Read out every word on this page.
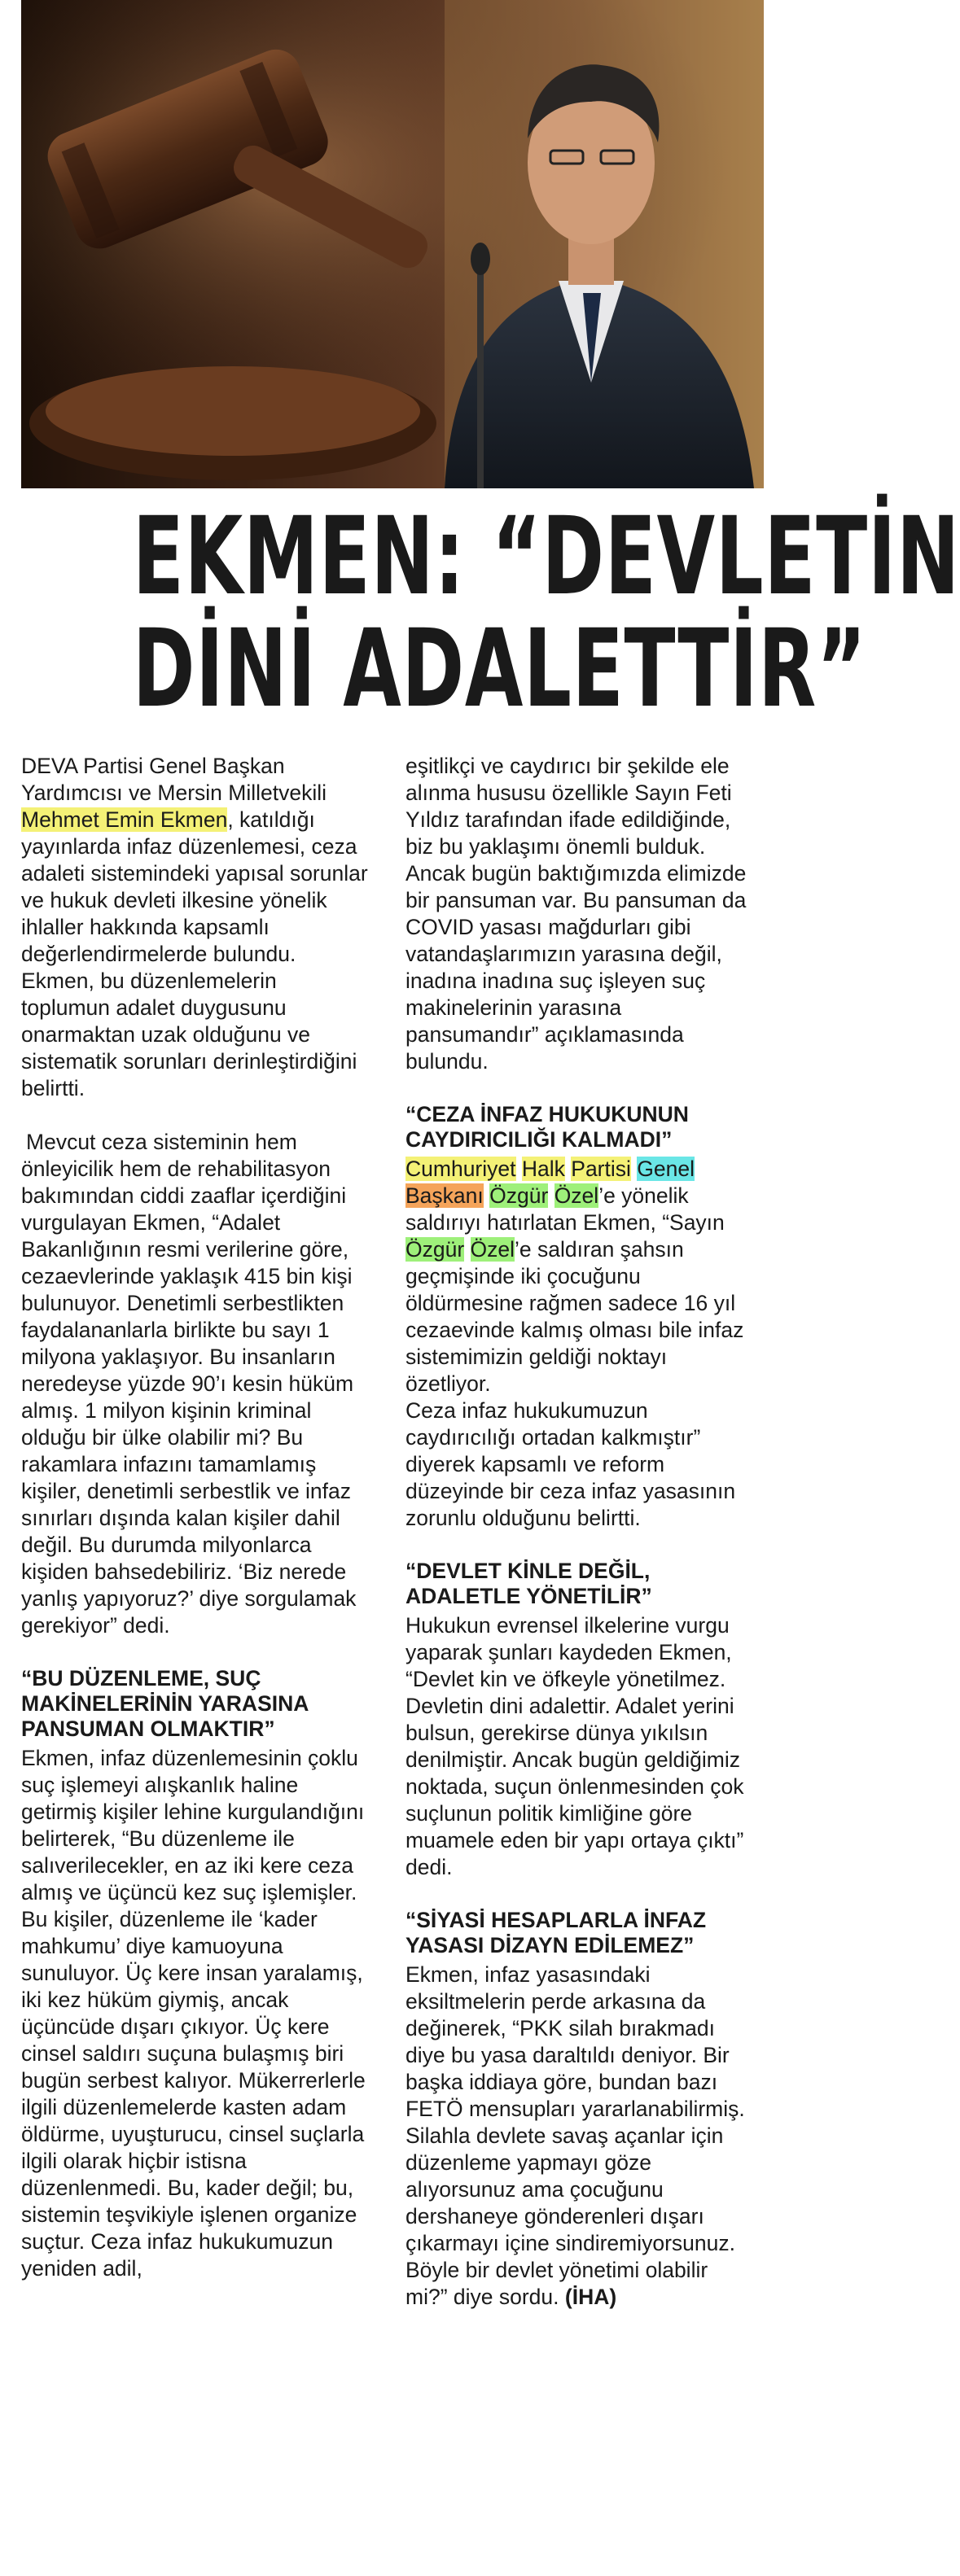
EKMEN: “DEVLETİN
DİNİ ADALETTİR”

DEVA Partisi Genel Başkan Yardımcısı ve Mersin Milletvekili Mehmet Emin Ekmen, katıldığı yayınlarda infaz düzenlemesi, ceza adaleti sistemindeki yapısal sorunlar ve hukuk devleti ilkesine yönelik ihlaller hakkında kapsamlı değerlendirmelerde bulundu. Ekmen, bu düzenlemelerin toplumun adalet duygusunu onarmaktan uzak olduğunu ve sistematik sorunları derinleştirdiğini belirtti.

Mevcut ceza sisteminin hem önleyicilik hem de rehabilitasyon bakımından ciddi zaaflar içerdiğini vurgulayan Ekmen, “Adalet Bakanlığının resmi verilerine göre, cezaevlerinde yaklaşık 415 bin kişi bulunuyor. Denetimli serbestlikten faydalananlarla birlikte bu sayı 1 milyona yaklaşıyor. Bu insanların neredeyse yüzde 90’ı kesin hüküm almış. 1 milyon kişinin kriminal olduğu bir ülke olabilir mi? Bu rakamlara infazını tamamlamış kişiler, denetimli serbestlik ve infaz sınırları dışında kalan kişiler dahil değil. Bu durumda milyonlarca kişiden bahsedebiliriz. ‘Biz nerede yanlış yapıyoruz?’ diye sorgulamak gerekiyor” dedi.

“BU DÜZENLEME, SUÇ MAKİNELERİNİN YARASINA PANSUMAN OLMAKTIR”

Ekmen, infaz düzenlemesinin çoklu suç işlemeyi alışkanlık haline getirmiş kişiler lehine kurgulandığını belirterek, “Bu düzenleme ile salıverilecekler, en az iki kere ceza almış ve üçüncü kez suç işlemişler. Bu kişiler, düzenleme ile ‘kader mahkumu’ diye kamuoyuna sunuluyor. Üç kere insan yaralamış, iki kez hüküm giymiş, ancak üçüncüde dışarı çıkıyor. Üç kere cinsel saldırı suçuna bulaşmış biri bugün serbest kalıyor. Mükerrerlerle ilgili düzenlemelerde kasten adam öldürme, uyuşturucu, cinsel suçlarla ilgili olarak hiçbir istisna düzenlenmedi. Bu, kader değil; bu, sistemin teşvikiyle işlenen organize suçtur. Ceza infaz hukukumuzun yeniden adil,

eşitlikçi ve caydırıcı bir şekilde ele alınma hususu özellikle Sayın Feti Yıldız tarafından ifade edildiğinde, biz bu yaklaşımı önemli bulduk. Ancak bugün baktığımızda elimizde bir pansuman var. Bu pansuman da COVID yasası mağdurları gibi vatandaşlarımızın yarasına değil, inadına inadına suç işleyen suç makinelerinin yarasına pansumandır” açıklamasında bulundu.

“CEZA İNFAZ HUKUKUNUN CAYDIRICILIĞI KALMADI”

Cumhuriyet Halk Partisi Genel Başkanı Özgür Özel’e yönelik saldırıyı hatırlatan Ekmen, “Sayın Özgür Özel’e saldıran şahsın geçmişinde iki çocuğunu öldürmesine rağmen sadece 16 yıl cezaevinde kalmış olması bile infaz sistemimizin geldiği noktayı özetliyor.

Ceza infaz hukukumuzun caydırıcılığı ortadan kalkmıştır” diyerek kapsamlı ve reform düzeyinde bir ceza infaz yasasının zorunlu olduğunu belirtti.

“DEVLET KİNLE DEĞİL, ADALETLE YÖNETİLİR”

Hukukun evrensel ilkelerine vurgu yaparak şunları kaydeden Ekmen, “Devlet kin ve öfkeyle yönetilmez. Devletin dini adalettir. Adalet yerini bulsun, gerekirse dünya yıkılsın denilmiştir. Ancak bugün geldiğimiz noktada, suçun önlenmesinden çok suçlunun politik kimliğine göre muamele eden bir yapı ortaya çıktı” dedi.

“SİYASİ HESAPLARLA İNFAZ YASASI DİZAYN EDİLEMEZ”

Ekmen, infaz yasasındaki eksiltmelerin perde arkasına da değinerek, “PKK silah bırakmadı diye bu yasa daraltıldı deniyor. Bir başka iddiaya göre, bundan bazı FETÖ mensupları yararlanabilirmiş. Silahla devlete savaş açanlar için düzenleme yapmayı göze alıyorsunuz ama çocuğunu dershaneye gönderenleri dışarı çıkarmayı içine sindiremiyorsunuz. Böyle bir devlet yönetimi olabilir mi?” diye sordu. (İHA)
